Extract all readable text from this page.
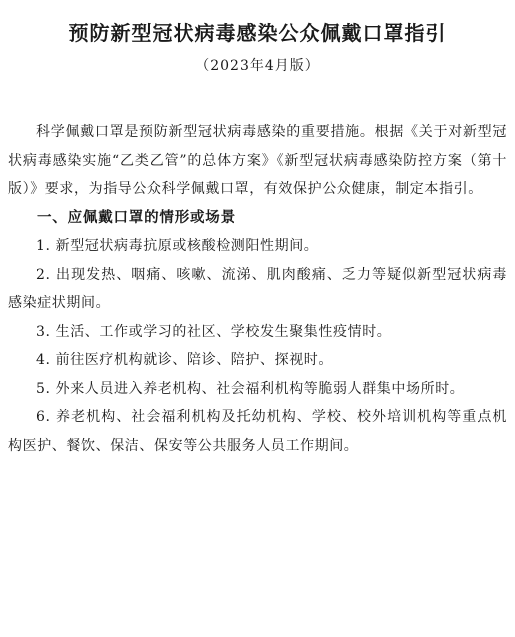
预防新型冠状病毒感染公众佩戴口罩指引
（2023年4月版）
科学佩戴口罩是预防新型冠状病毒感染的重要措施。根据《关于对新型冠状病毒感染实施“乙类乙管”的总体方案》《新型冠状病毒感染防控方案（第十版）》要求，为指导公众科学佩戴口罩，有效保护公众健康，制定本指引。
一、应佩戴口罩的情形或场景
1. 新型冠状病毒抗原或核酸检测阳性期间。
2. 出现发热、咽痛、咳嗽、流涕、肌肉酸痛、乏力等疑似新型冠状病毒感染症状期间。
3. 生活、工作或学习的社区、学校发生聚集性疫情时。
4. 前往医疗机构就诊、陪诊、陪护、探视时。
5. 外来人员进入养老机构、社会福利机构等脆弱人群集中场所时。
6. 养老机构、社会福利机构及托幼机构、学校、校外培训机构等重点机构医护、餐饮、保洁、保安等公共服务人员工作期间。
